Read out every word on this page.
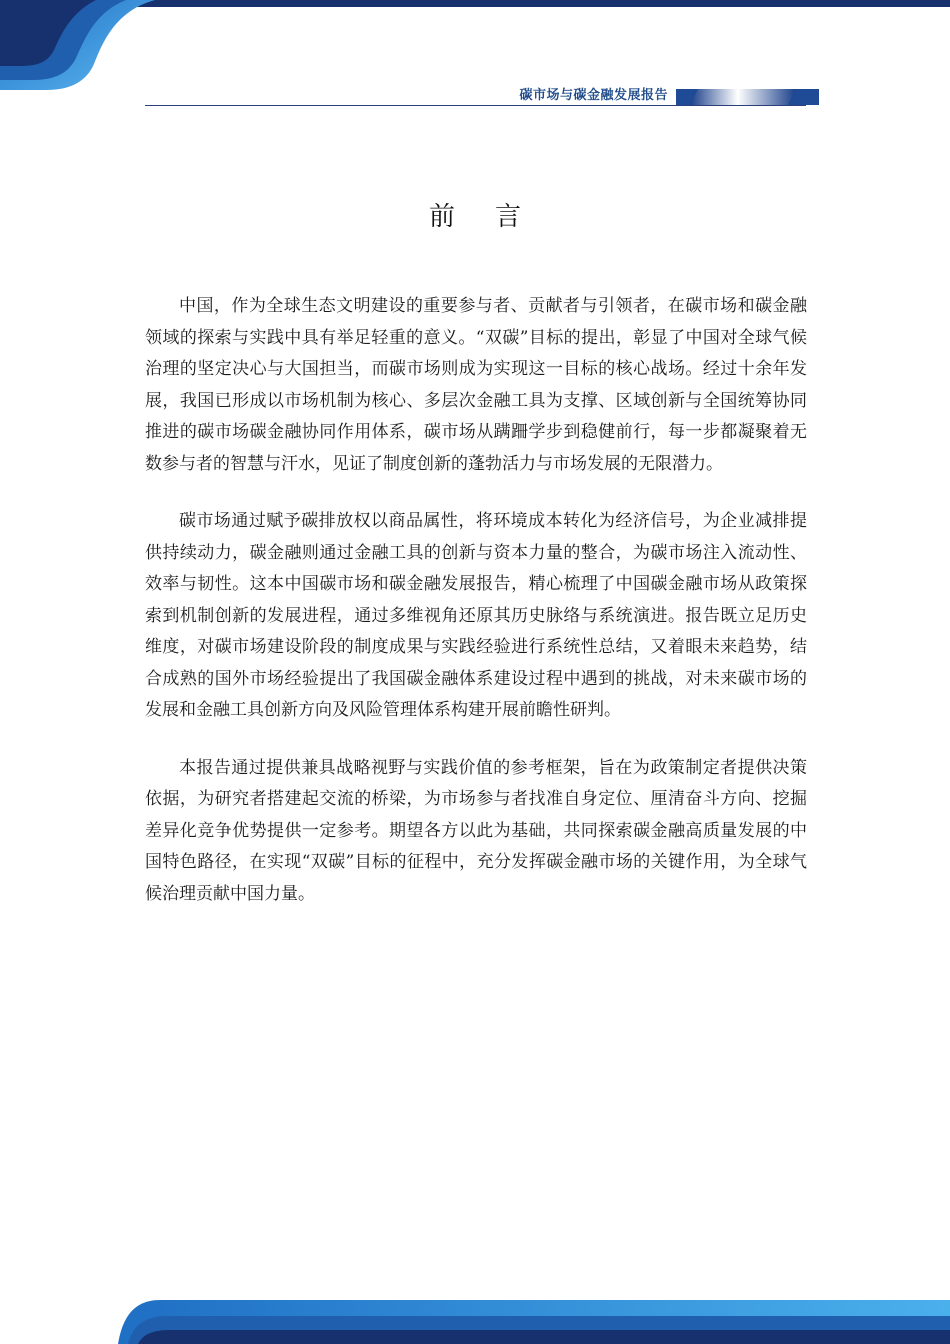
碳市场与碳金融发展报告
前言

中国，作为全球生态文明建设的重要参与者、贡献者与引领者，在碳市场和碳金融领域的探索与实践中具有举足轻重的意义。“双碳”目标的提出，彰显了中国对全球气候治理的坚定决心与大国担当，而碳市场则成为实现这一目标的核心战场。经过十余年发展，我国已形成以市场机制为核心、多层次金融工具为支撑、区域创新与全国统筹协同推进的碳市场碳金融协同作用体系，碳市场从蹒跚学步到稳健前行，每一步都凝聚着无数参与者的智慧与汗水，见证了制度创新的蓬勃活力与市场发展的无限潜力。

碳市场通过赋予碳排放权以商品属性，将环境成本转化为经济信号，为企业减排提供持续动力，碳金融则通过金融工具的创新与资本力量的整合，为碳市场注入流动性、效率与韧性。这本中国碳市场和碳金融发展报告，精心梳理了中国碳金融市场从政策探索到机制创新的发展进程，通过多维视角还原其历史脉络与系统演进。报告既立足历史维度，对碳市场建设阶段的制度成果与实践经验进行系统性总结，又着眼未来趋势，结合成熟的国外市场经验提出了我国碳金融体系建设过程中遇到的挑战，对未来碳市场的发展和金融工具创新方向及风险管理体系构建开展前瞻性研判。

本报告通过提供兼具战略视野与实践价值的参考框架，旨在为政策制定者提供决策依据，为研究者搭建起交流的桥梁，为市场参与者找准自身定位、厘清奋斗方向、挖掘差异化竞争优势提供一定参考。期望各方以此为基础，共同探索碳金融高质量发展的中国特色路径，在实现“双碳”目标的征程中，充分发挥碳金融市场的关键作用，为全球气候治理贡献中国力量。
